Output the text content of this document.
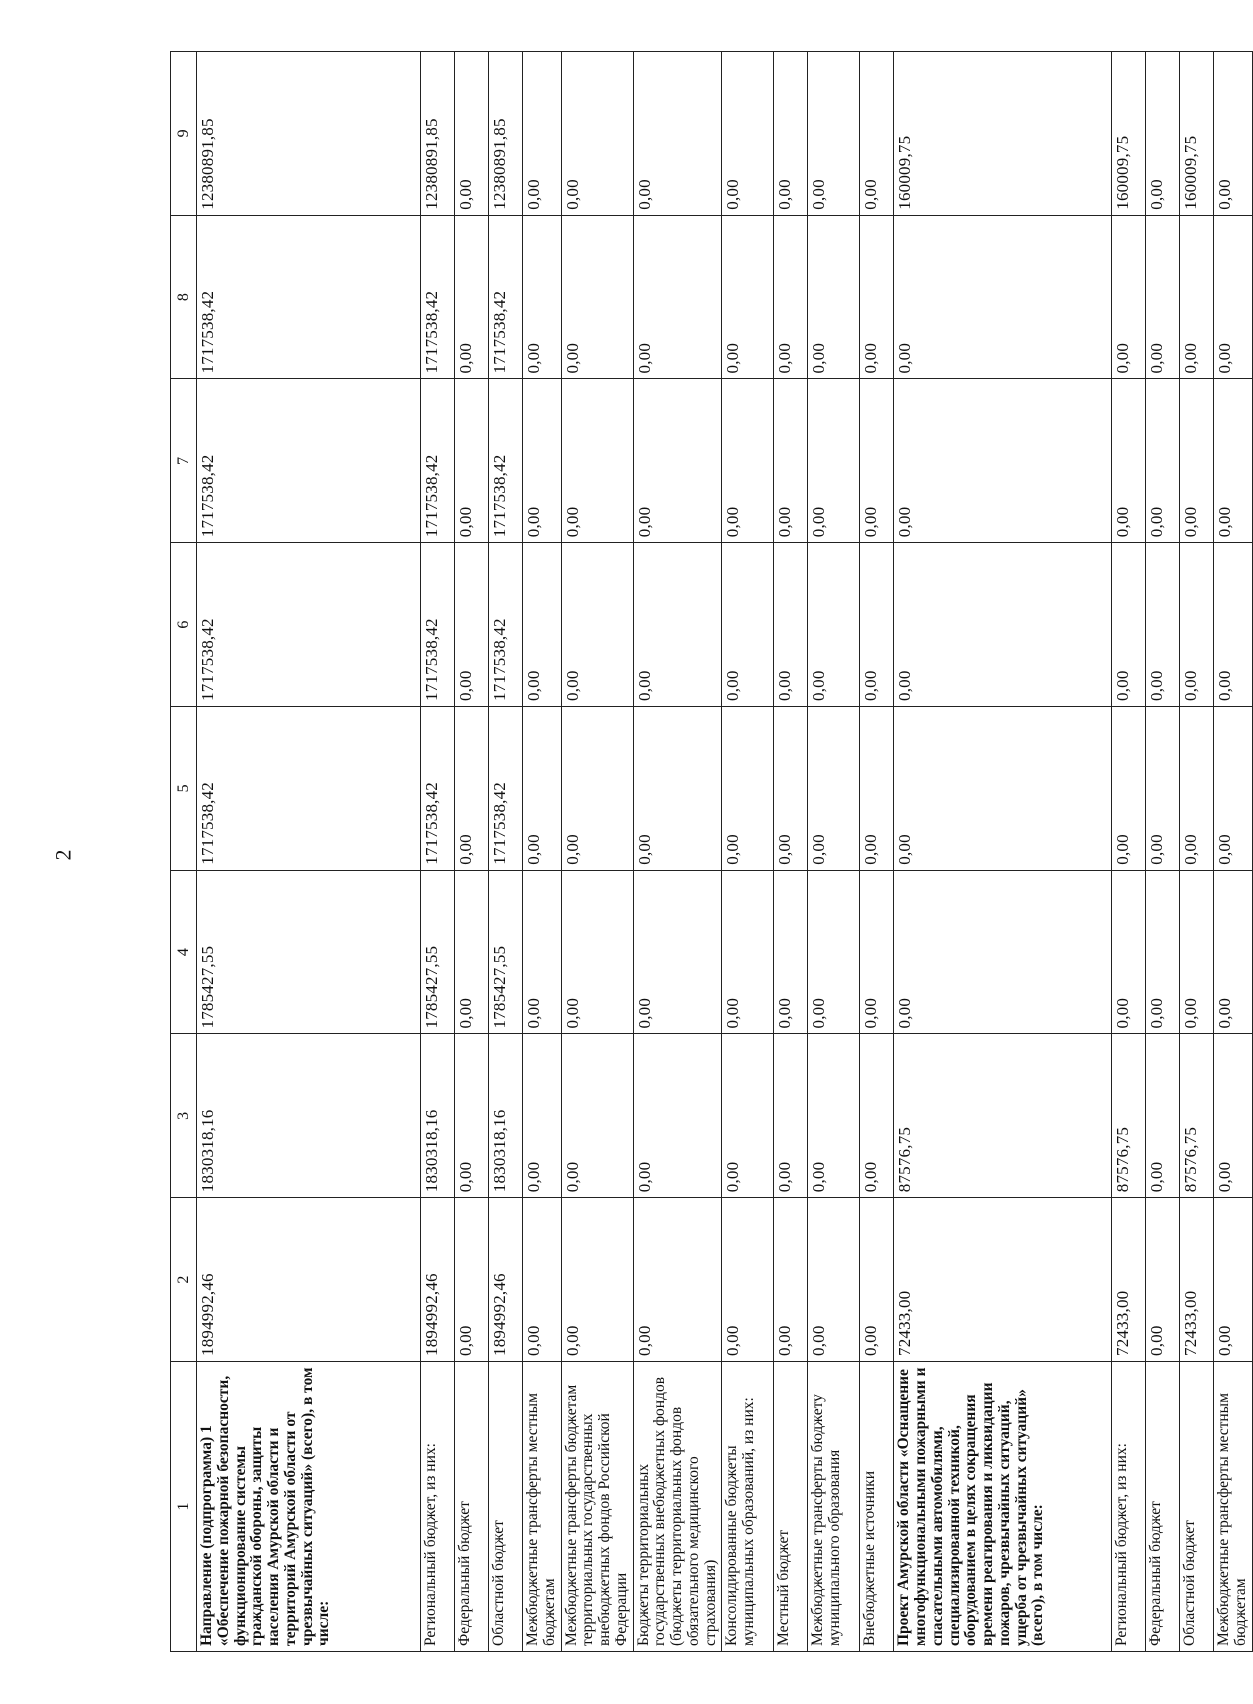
2
1	2	3	4	5	6	7	8	9
Направление (подпрограмма) 1 «Обеспечение пожарной безопасности, функционирование системы гражданской обороны, защиты населения Амурской области и территорий Амурской области от чрезвычайных ситуаций» (всего), в том числе:	1894992,46	1830318,16	1785427,55	1717538,42	1717538,42	1717538,42	1717538,42	12380891,85
Региональный бюджет, из них:	1894992,46	1830318,16	1785427,55	1717538,42	1717538,42	1717538,42	1717538,42	12380891,85
Федеральный бюджет	0,00	0,00	0,00	0,00	0,00	0,00	0,00	0,00
Областной бюджет	1894992,46	1830318,16	1785427,55	1717538,42	1717538,42	1717538,42	1717538,42	12380891,85
Межбюджетные трансферты местным бюджетам	0,00	0,00	0,00	0,00	0,00	0,00	0,00	0,00
Межбюджетные трансферты бюджетам территориальных государственных внебюджетных фондов Российской Федерации	0,00	0,00	0,00	0,00	0,00	0,00	0,00	0,00
Бюджеты территориальных государственных внебюджетных фондов (бюджеты территориальных фондов обязательного медицинского страхования)	0,00	0,00	0,00	0,00	0,00	0,00	0,00	0,00
Консолидированные бюджеты муниципальных образований, из них:	0,00	0,00	0,00	0,00	0,00	0,00	0,00	0,00
Местный бюджет	0,00	0,00	0,00	0,00	0,00	0,00	0,00	0,00
Межбюджетные трансферты бюджету муниципального образования	0,00	0,00	0,00	0,00	0,00	0,00	0,00	0,00
Внебюджетные источники	0,00	0,00	0,00	0,00	0,00	0,00	0,00	0,00
Проект Амурской области «Оснащение многофункциональными пожарными и спасательными автомобилями, специализированной техникой, оборудованием в целях сокращения времени реагирования и ликвидации пожаров, чрезвычайных ситуаций, ущерба от чрезвычайных ситуаций» (всего), в том числе:	72433,00	87576,75	0,00	0,00	0,00	0,00	0,00	160009,75
Региональный бюджет, из них:	72433,00	87576,75	0,00	0,00	0,00	0,00	0,00	160009,75
Федеральный бюджет	0,00	0,00	0,00	0,00	0,00	0,00	0,00	0,00
Областной бюджет	72433,00	87576,75	0,00	0,00	0,00	0,00	0,00	160009,75
Межбюджетные трансферты местным бюджетам	0,00	0,00	0,00	0,00	0,00	0,00	0,00	0,00
